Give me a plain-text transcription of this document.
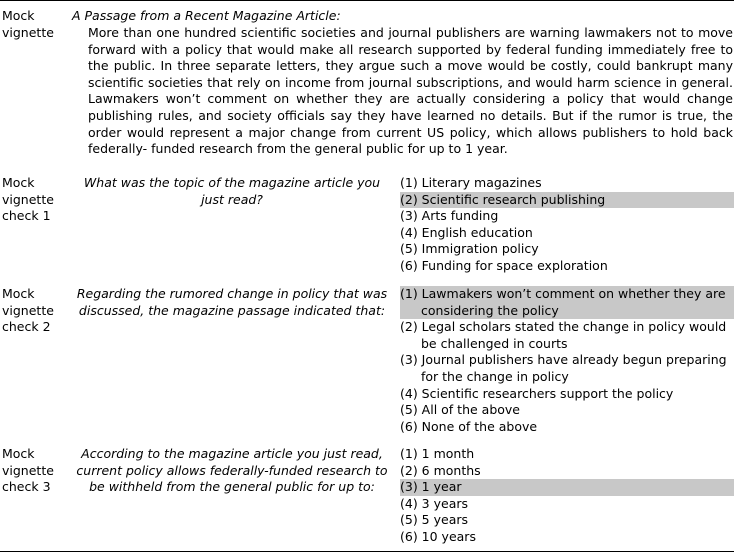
Mock vignette
A Passage from a Recent Magazine Article:
More than one hundred scientific societies and journal publishers are warning lawmakers not to move forward with a policy that would make all research supported by federal funding immediately free to the public. In three separate letters, they argue such a move would be costly, could bankrupt many scientific societies that rely on income from journal subscriptions, and would harm science in general. Lawmakers won’t comment on whether they are actually considering a policy that would change publishing rules, and society officials say they have learned no details. But if the rumor is true, the order would represent a major change from current US policy, which allows publishers to hold back federally- funded research from the general public for up to 1 year.
Mock vignette check 1
What was the topic of the magazine article you just read?
(1) Literary magazines
(2) Scientific research publishing
(3) Arts funding
(4) English education
(5) Immigration policy
(6) Funding for space exploration
Mock vignette check 2
Regarding the rumored change in policy that was discussed, the magazine passage indicated that:
(1) Lawmakers won’t comment on whether they are considering the policy
(2) Legal scholars stated the change in policy would be challenged in courts
(3) Journal publishers have already begun preparing for the change in policy
(4) Scientific researchers support the policy
(5) All of the above
(6) None of the above
Mock vignette check 3
According to the magazine article you just read, current policy allows federally-funded research to be withheld from the general public for up to:
(1) 1 month
(2) 6 months
(3) 1 year
(4) 3 years
(5) 5 years
(6) 10 years
